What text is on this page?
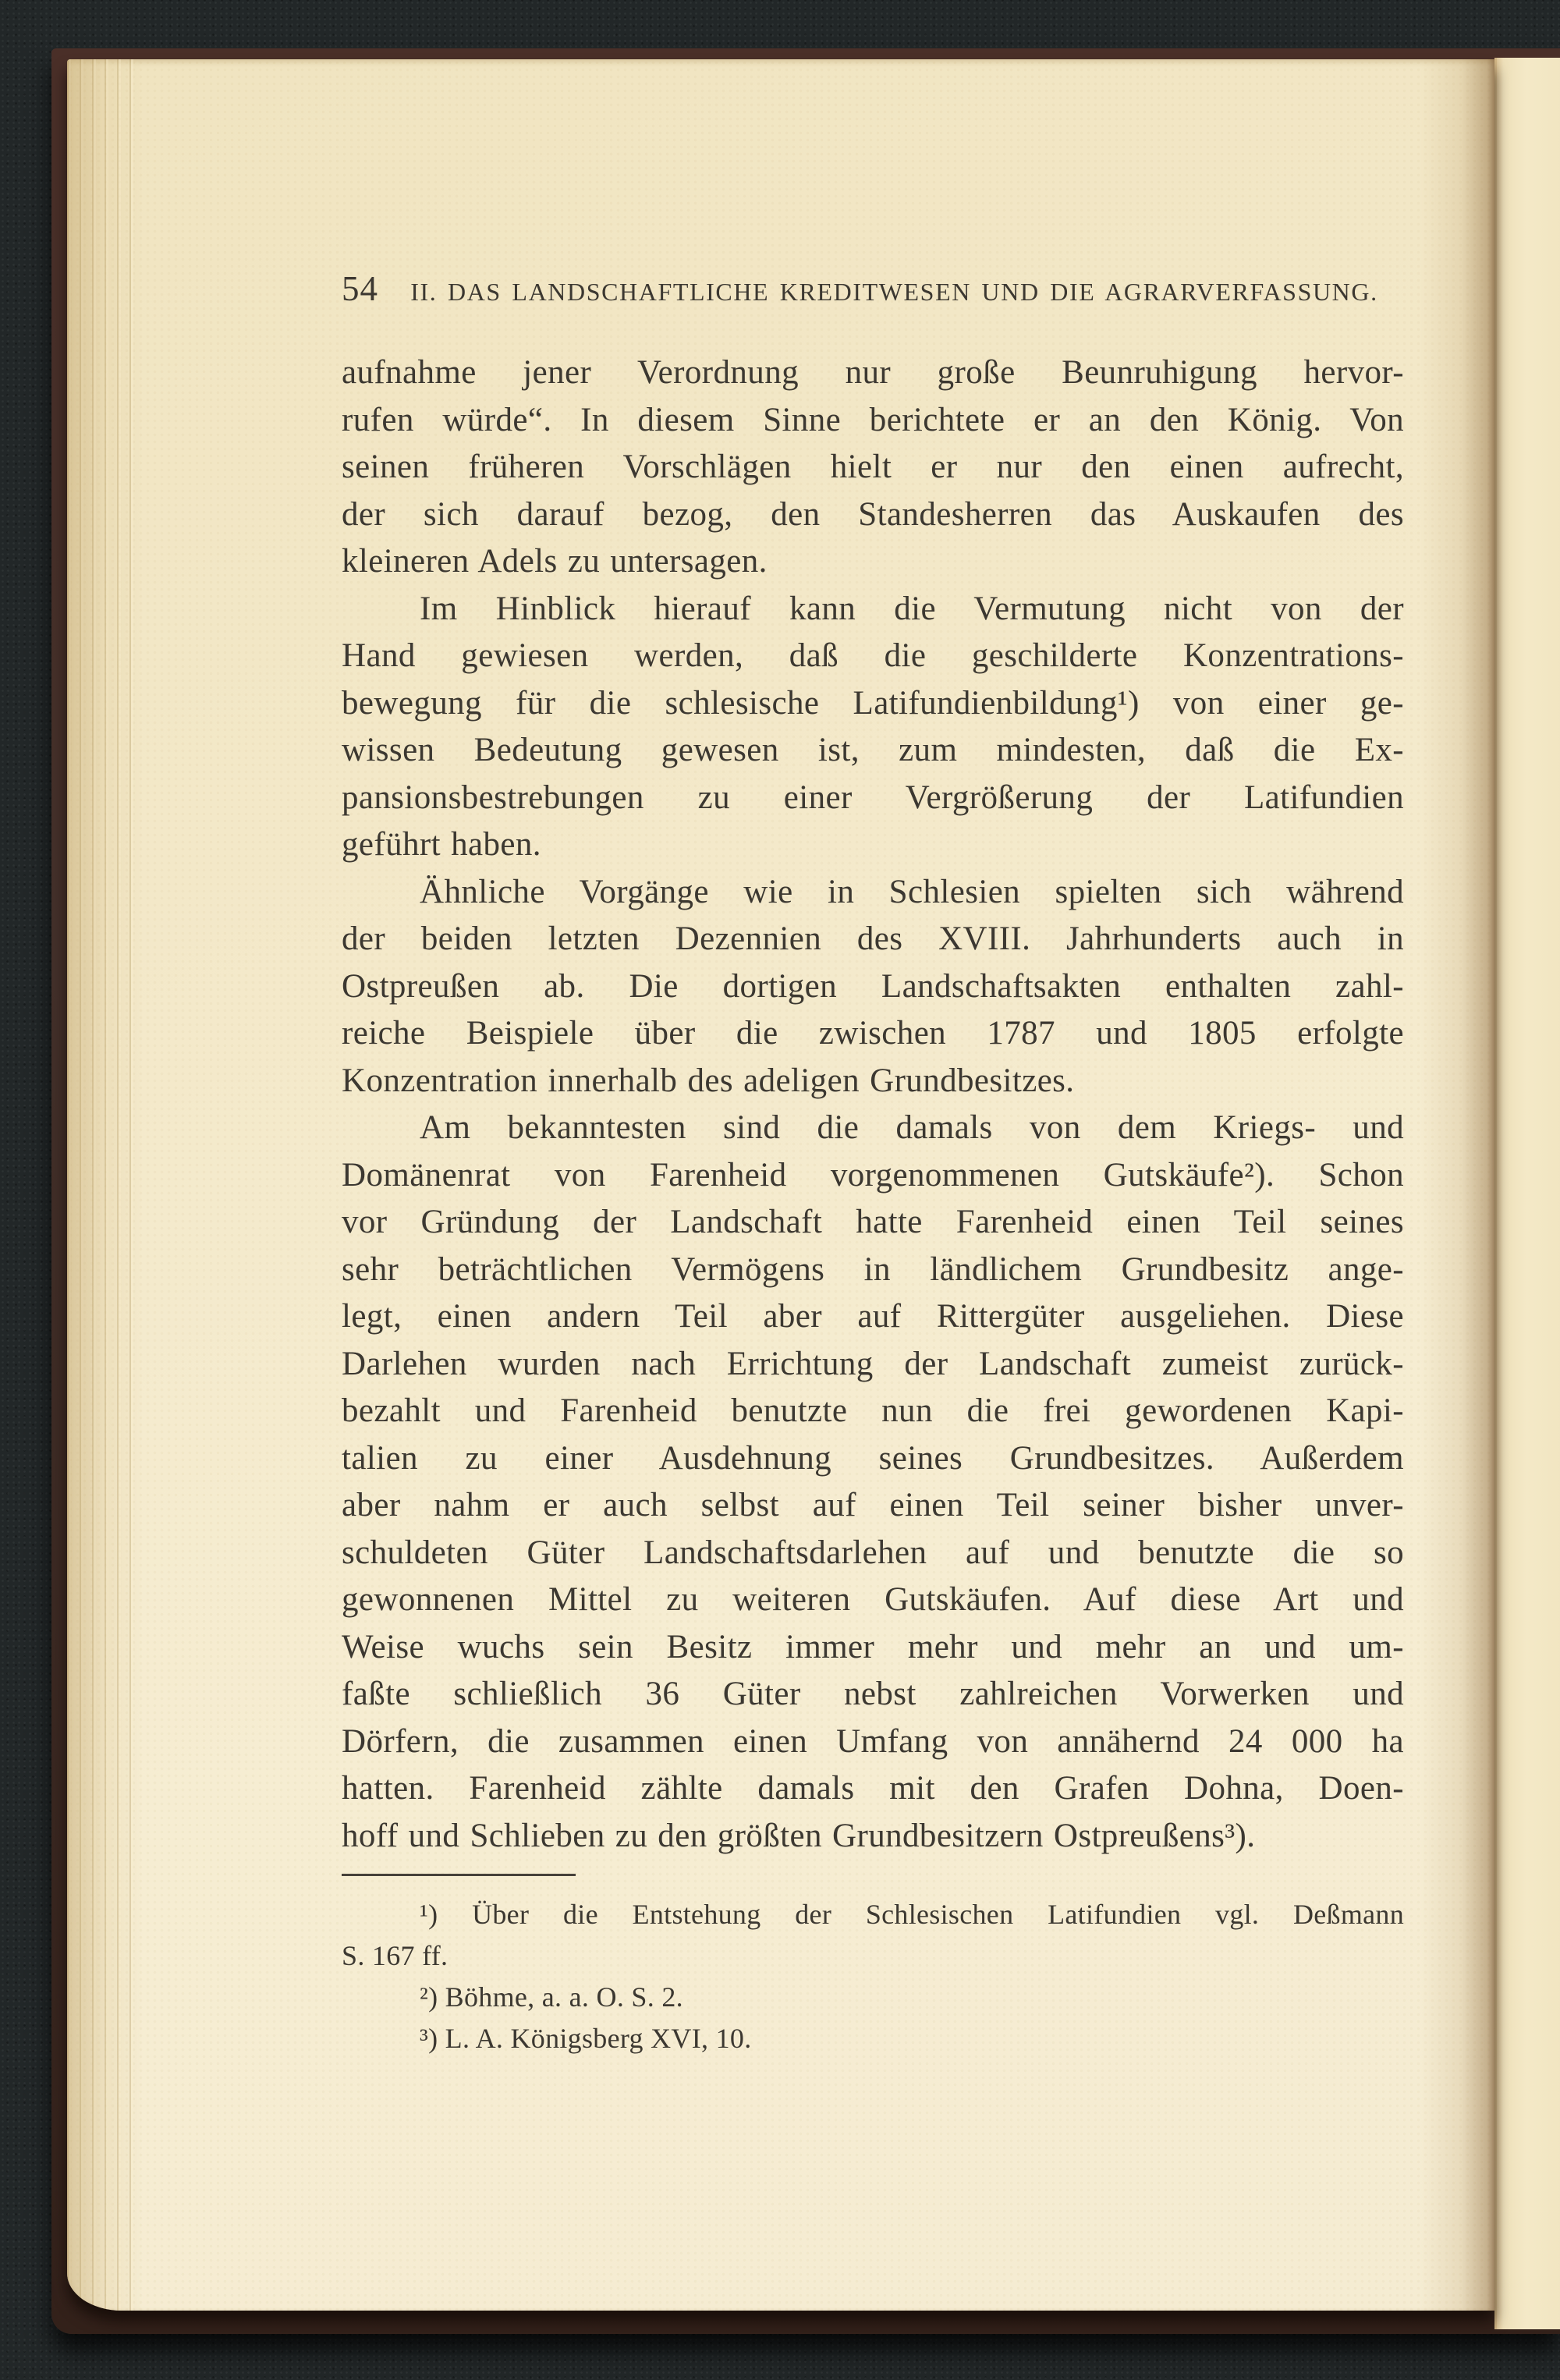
54	II. DAS LANDSCHAFTLICHE KREDITWESEN UND DIE AGRARVERFASSUNG.
aufnahme jener Verordnung nur große Beunruhigung hervor-
rufen würde“. In diesem Sinne berichtete er an den König. Von
seinen früheren Vorschlägen hielt er nur den einen aufrecht,
der sich darauf bezog, den Standesherren das Auskaufen des
kleineren Adels zu untersagen.
Im Hinblick hierauf kann die Vermutung nicht von der
Hand gewiesen werden, daß die geschilderte Konzentrations-
bewegung für die schlesische Latifundienbildung¹) von einer ge-
wissen Bedeutung gewesen ist, zum mindesten, daß die Ex-
pansionsbestrebungen zu einer Vergrößerung der Latifundien
geführt haben.
Ähnliche Vorgänge wie in Schlesien spielten sich während
der beiden letzten Dezennien des XVIII. Jahrhunderts auch in
Ostpreußen ab. Die dortigen Landschaftsakten enthalten zahl-
reiche Beispiele über die zwischen 1787 und 1805 erfolgte
Konzentration innerhalb des adeligen Grundbesitzes.
Am bekanntesten sind die damals von dem Kriegs- und
Domänenrat von Farenheid vorgenommenen Gutskäufe²). Schon
vor Gründung der Landschaft hatte Farenheid einen Teil seines
sehr beträchtlichen Vermögens in ländlichem Grundbesitz ange-
legt, einen andern Teil aber auf Rittergüter ausgeliehen. Diese
Darlehen wurden nach Errichtung der Landschaft zumeist zurück-
bezahlt und Farenheid benutzte nun die frei gewordenen Kapi-
talien zu einer Ausdehnung seines Grundbesitzes. Außerdem
aber nahm er auch selbst auf einen Teil seiner bisher unver-
schuldeten Güter Landschaftsdarlehen auf und benutzte die so
gewonnenen Mittel zu weiteren Gutskäufen. Auf diese Art und
Weise wuchs sein Besitz immer mehr und mehr an und um-
faßte schließlich 36 Güter nebst zahlreichen Vorwerken und
Dörfern, die zusammen einen Umfang von annähernd 24 000 ha
hatten. Farenheid zählte damals mit den Grafen Dohna, Doen-
hoff und Schlieben zu den größten Grundbesitzern Ostpreußens³).
¹) Über die Entstehung der Schlesischen Latifundien vgl. Deßmann
S. 167 ff.
²) Böhme, a. a. O. S. 2.
³) L. A. Königsberg XVI, 10.
